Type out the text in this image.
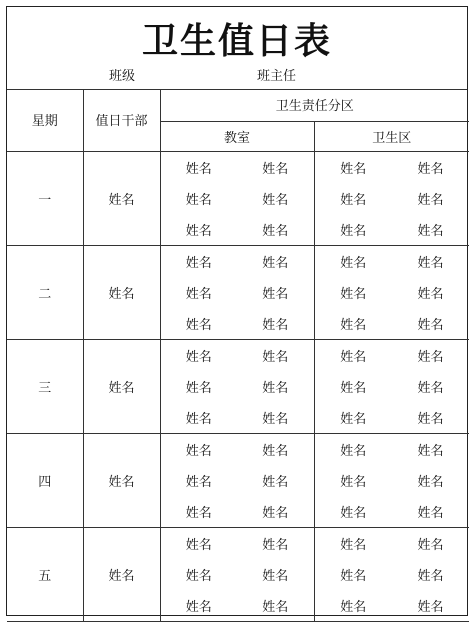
卫生值日表
班级	班主任
星期	值日干部	卫生责任分区			
		教室		卫生区	
一	姓名	姓名	姓名	姓名	姓名
		姓名	姓名	姓名	姓名
		姓名	姓名	姓名	姓名
二	姓名	姓名	姓名	姓名	姓名
		姓名	姓名	姓名	姓名
		姓名	姓名	姓名	姓名
三	姓名	姓名	姓名	姓名	姓名
		姓名	姓名	姓名	姓名
		姓名	姓名	姓名	姓名
四	姓名	姓名	姓名	姓名	姓名
		姓名	姓名	姓名	姓名
		姓名	姓名	姓名	姓名
五	姓名	姓名	姓名	姓名	姓名
		姓名	姓名	姓名	姓名
		姓名	姓名	姓名	姓名
